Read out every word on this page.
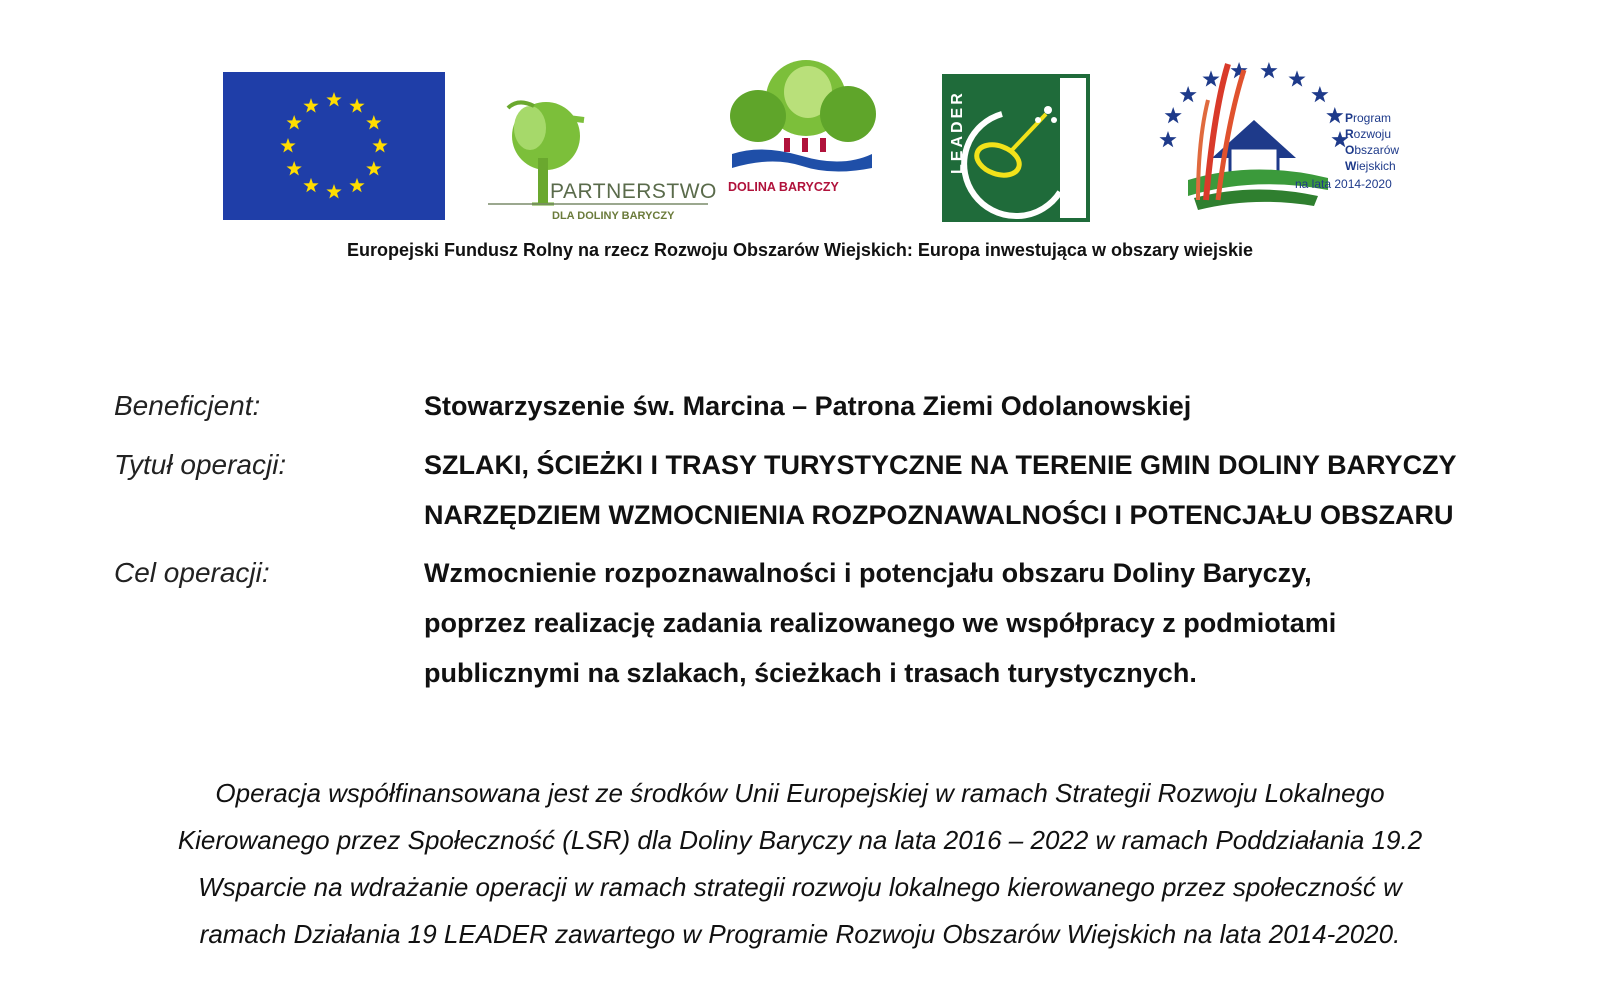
PARTNERSTWO
DLA DOLINY BARYCZY
DOLINA BARYCZY
LEADER	Program
Rozwoju
Obszarów
Wiejskich
na lata 2014-2020
Europejski Fundusz Rolny na rzecz Rozwoju Obszarów Wiejskich: Europa inwestująca w obszary wiejskie
Beneficjent:	Stowarzyszenie św. Marcina – Patrona Ziemi Odolanowskiej
Tytuł operacji:	SZLAKI, ŚCIEŻKI I TRASY TURYSTYCZNE NA TERENIE GMIN DOLINY BARYCZY
NARZĘDZIEM WZMOCNIENIA ROZPOZNAWALNOŚCI I POTENCJAŁU OBSZARU
Cel operacji:	Wzmocnienie rozpoznawalności i potencjału obszaru Doliny Baryczy,
poprzez realizację zadania realizowanego we współpracy z podmiotami
publicznymi na szlakach, ścieżkach i trasach turystycznych.
Operacja współfinansowana jest ze środków Unii Europejskiej w ramach Strategii Rozwoju Lokalnego
Kierowanego przez Społeczność (LSR) dla Doliny Baryczy na lata 2016 – 2022 w ramach Poddziałania 19.2
Wsparcie na wdrażanie operacji w ramach strategii rozwoju lokalnego kierowanego przez społeczność w
ramach Działania 19 LEADER zawartego w Programie Rozwoju Obszarów Wiejskich na lata 2014-2020.
